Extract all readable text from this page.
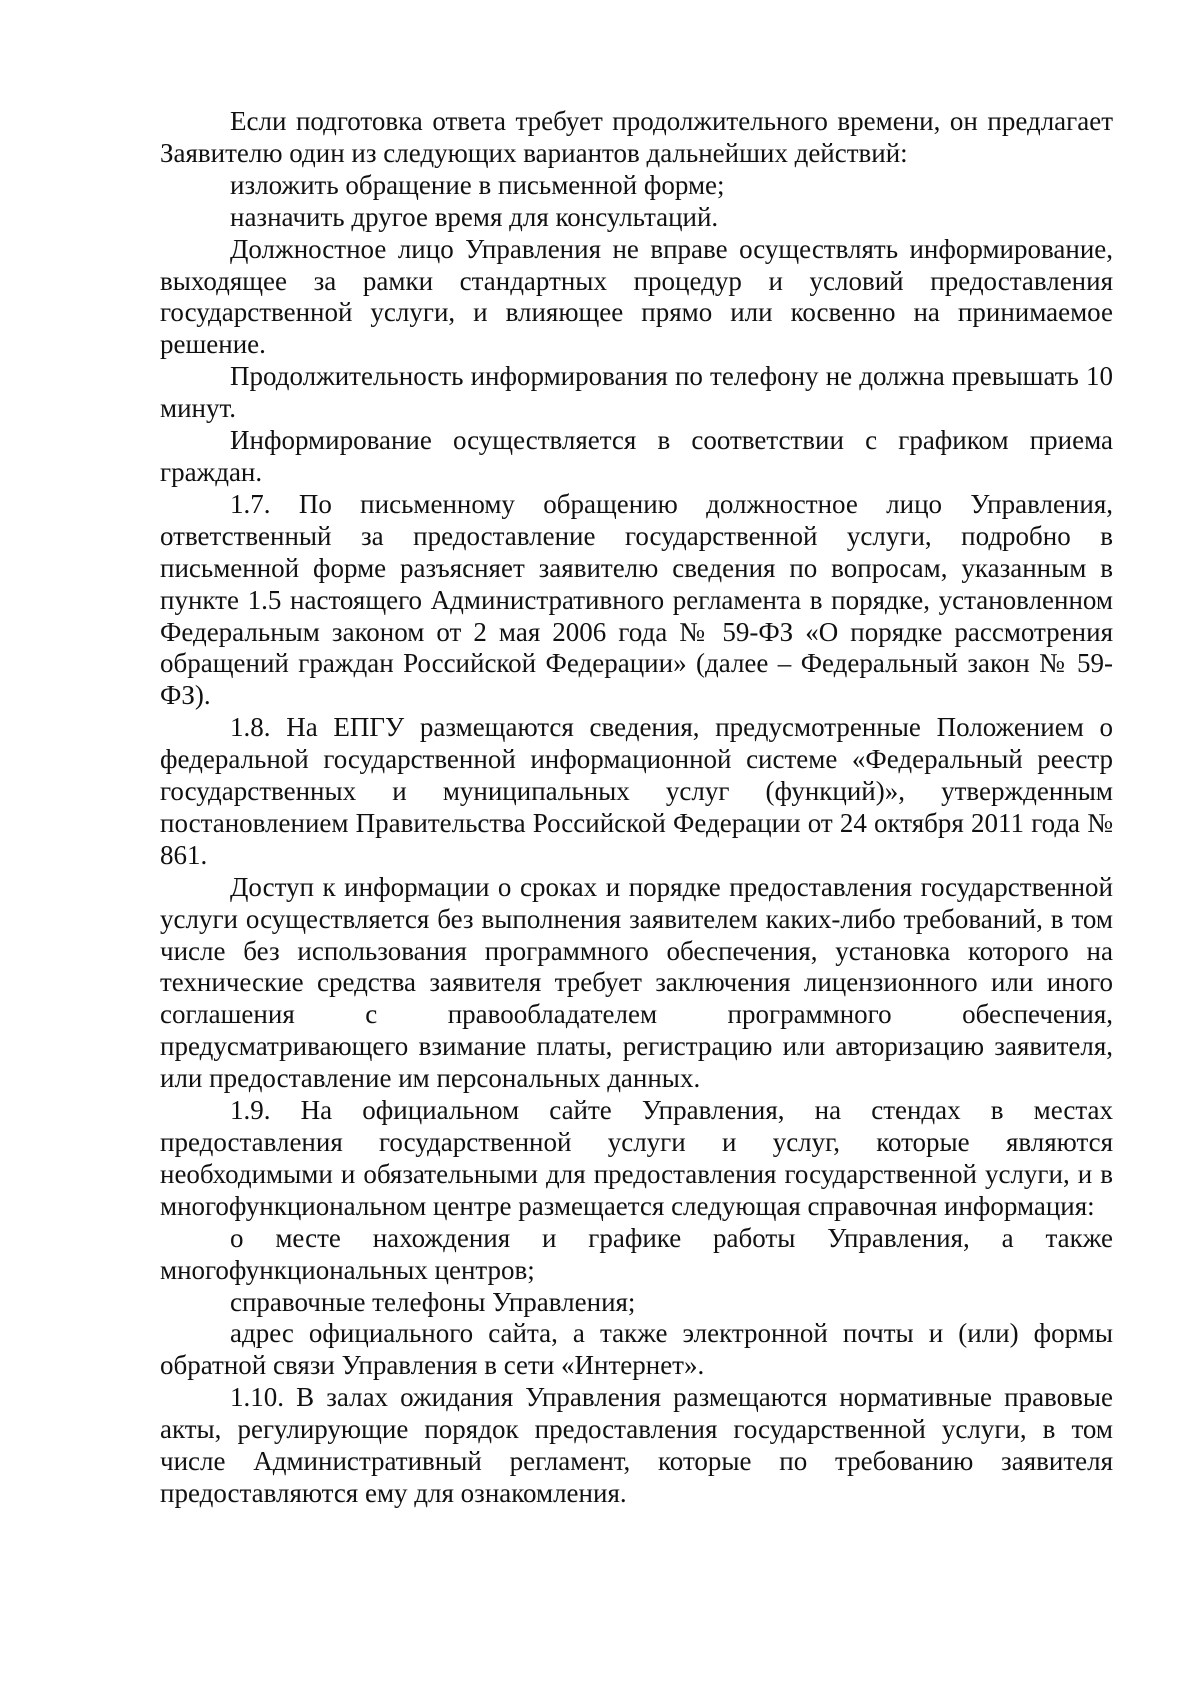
Если подготовка ответа требует продолжительного времени, он предлагает Заявителю один из следующих вариантов дальнейших действий:

изложить обращение в письменной форме;

назначить другое время для консультаций.

Должностное лицо Управления не вправе осуществлять информирование, выходящее за рамки стандартных процедур и условий предоставления государственной услуги, и влияющее прямо или косвенно на принимаемое решение.

Продолжительность информирования по телефону не должна превышать 10 минут.

Информирование осуществляется в соответствии с графиком приема граждан.

1.7. По письменному обращению должностное лицо Управления, ответственный за предоставление государственной услуги, подробно в письменной форме разъясняет заявителю сведения по вопросам, указанным в пункте 1.5 настоящего Административного регламента в порядке, установленном Федеральным законом от 2 мая 2006 года № 59-ФЗ «О порядке рассмотрения обращений граждан Российской Федерации» (далее – Федеральный закон № 59-ФЗ).

1.8. На ЕПГУ размещаются сведения, предусмотренные Положением о федеральной государственной информационной системе «Федеральный реестр государственных и муниципальных услуг (функций)», утвержденным постановлением Правительства Российской Федерации от 24 октября 2011 года № 861.

Доступ к информации о сроках и порядке предоставления государственной услуги осуществляется без выполнения заявителем каких-либо требований, в том числе без использования программного обеспечения, установка которого на технические средства заявителя требует заключения лицензионного или иного соглашения с правообладателем программного обеспечения, предусматривающего взимание платы, регистрацию или авторизацию заявителя, или предоставление им персональных данных.

1.9. На официальном сайте Управления, на стендах в местах предоставления государственной услуги и услуг, которые являются необходимыми и обязательными для предоставления государственной услуги, и в многофункциональном центре размещается следующая справочная информация:

о месте нахождения и графике работы Управления, а также многофункциональных центров;

справочные телефоны Управления;

адрес официального сайта, а также электронной почты и (или) формы обратной связи Управления в сети «Интернет».

1.10. В залах ожидания Управления размещаются нормативные правовые акты, регулирующие порядок предоставления государственной услуги, в том числе Административный регламент, которые по требованию заявителя предоставляются ему для ознакомления.
